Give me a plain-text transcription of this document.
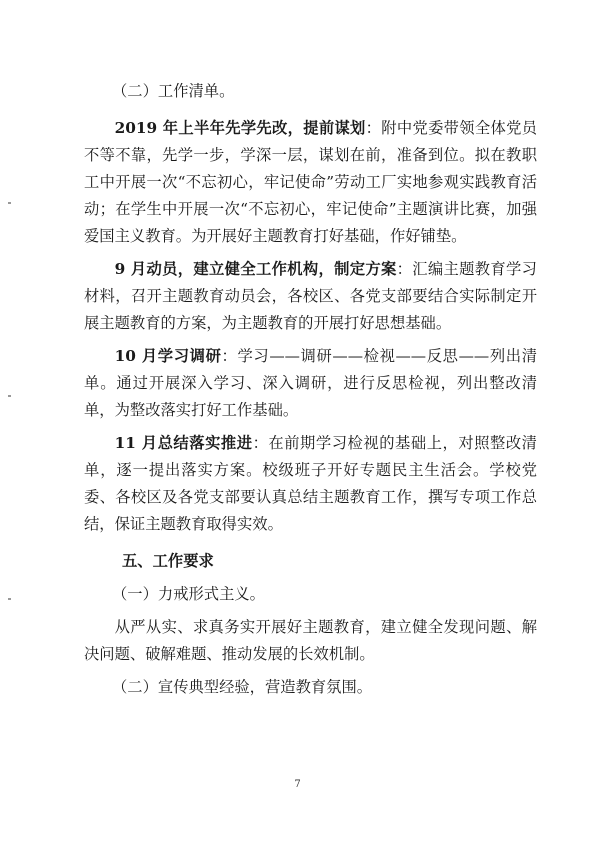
（二）工作清单。

2019 年上半年先学先改，提前谋划：附中党委带领全体党员不等不靠，先学一步，学深一层，谋划在前，准备到位。拟在教职工中开展一次“不忘初心，牢记使命”劳动工厂实地参观实践教育活动；在学生中开展一次“不忘初心，牢记使命”主题演讲比赛，加强爱国主义教育。为开展好主题教育打好基础，作好铺垫。

9 月动员，建立健全工作机构，制定方案：汇编主题教育学习材料，召开主题教育动员会，各校区、各党支部要结合实际制定开展主题教育的方案，为主题教育的开展打好思想基础。

10 月学习调研：学习——调研——检视——反思——列出清单。通过开展深入学习、深入调研，进行反思检视，列出整改清单，为整改落实打好工作基础。

11 月总结落实推进：在前期学习检视的基础上，对照整改清单，逐一提出落实方案。校级班子开好专题民主生活会。学校党委、各校区及各党支部要认真总结主题教育工作，撰写专项工作总结，保证主题教育取得实效。

五、工作要求

（一）力戒形式主义。

从严从实、求真务实开展好主题教育，建立健全发现问题、解决问题、破解难题、推动发展的长效机制。

（二）宣传典型经验，营造教育氛围。

7
